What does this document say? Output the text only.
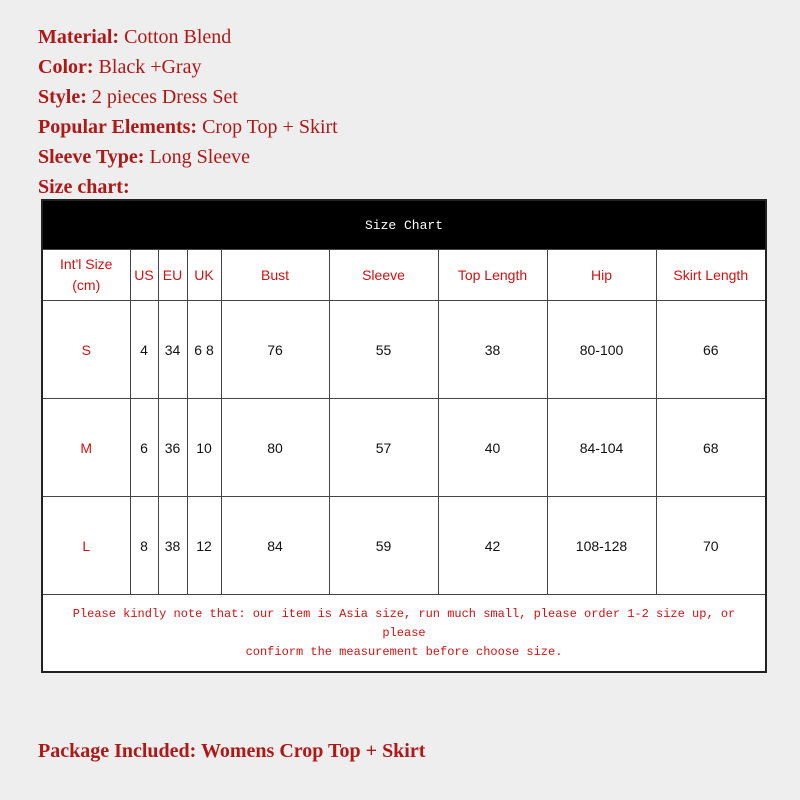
Material: Cotton Blend
Color: Black +Gray
Style: 2 pieces Dress Set
Popular Elements: Crop Top + Skirt
Sleeve Type: Long Sleeve
Size chart:
Size Chart								
Int'l Size
(cm)	US	EU	UK	Bust	Sleeve	Top Length	Hip	Skirt Length
S	4	34	6 8	76	55	38	80-100	66
M	6	36	10	80	57	40	84-104	68
L	8	38	12	84	59	42	108-128	70
Please kindly note that: our item is Asia size, run much small, please order 1-2 size up, or please
confiorm the measurement before choose size.								
Package Included: Womens Crop Top + Skirt
